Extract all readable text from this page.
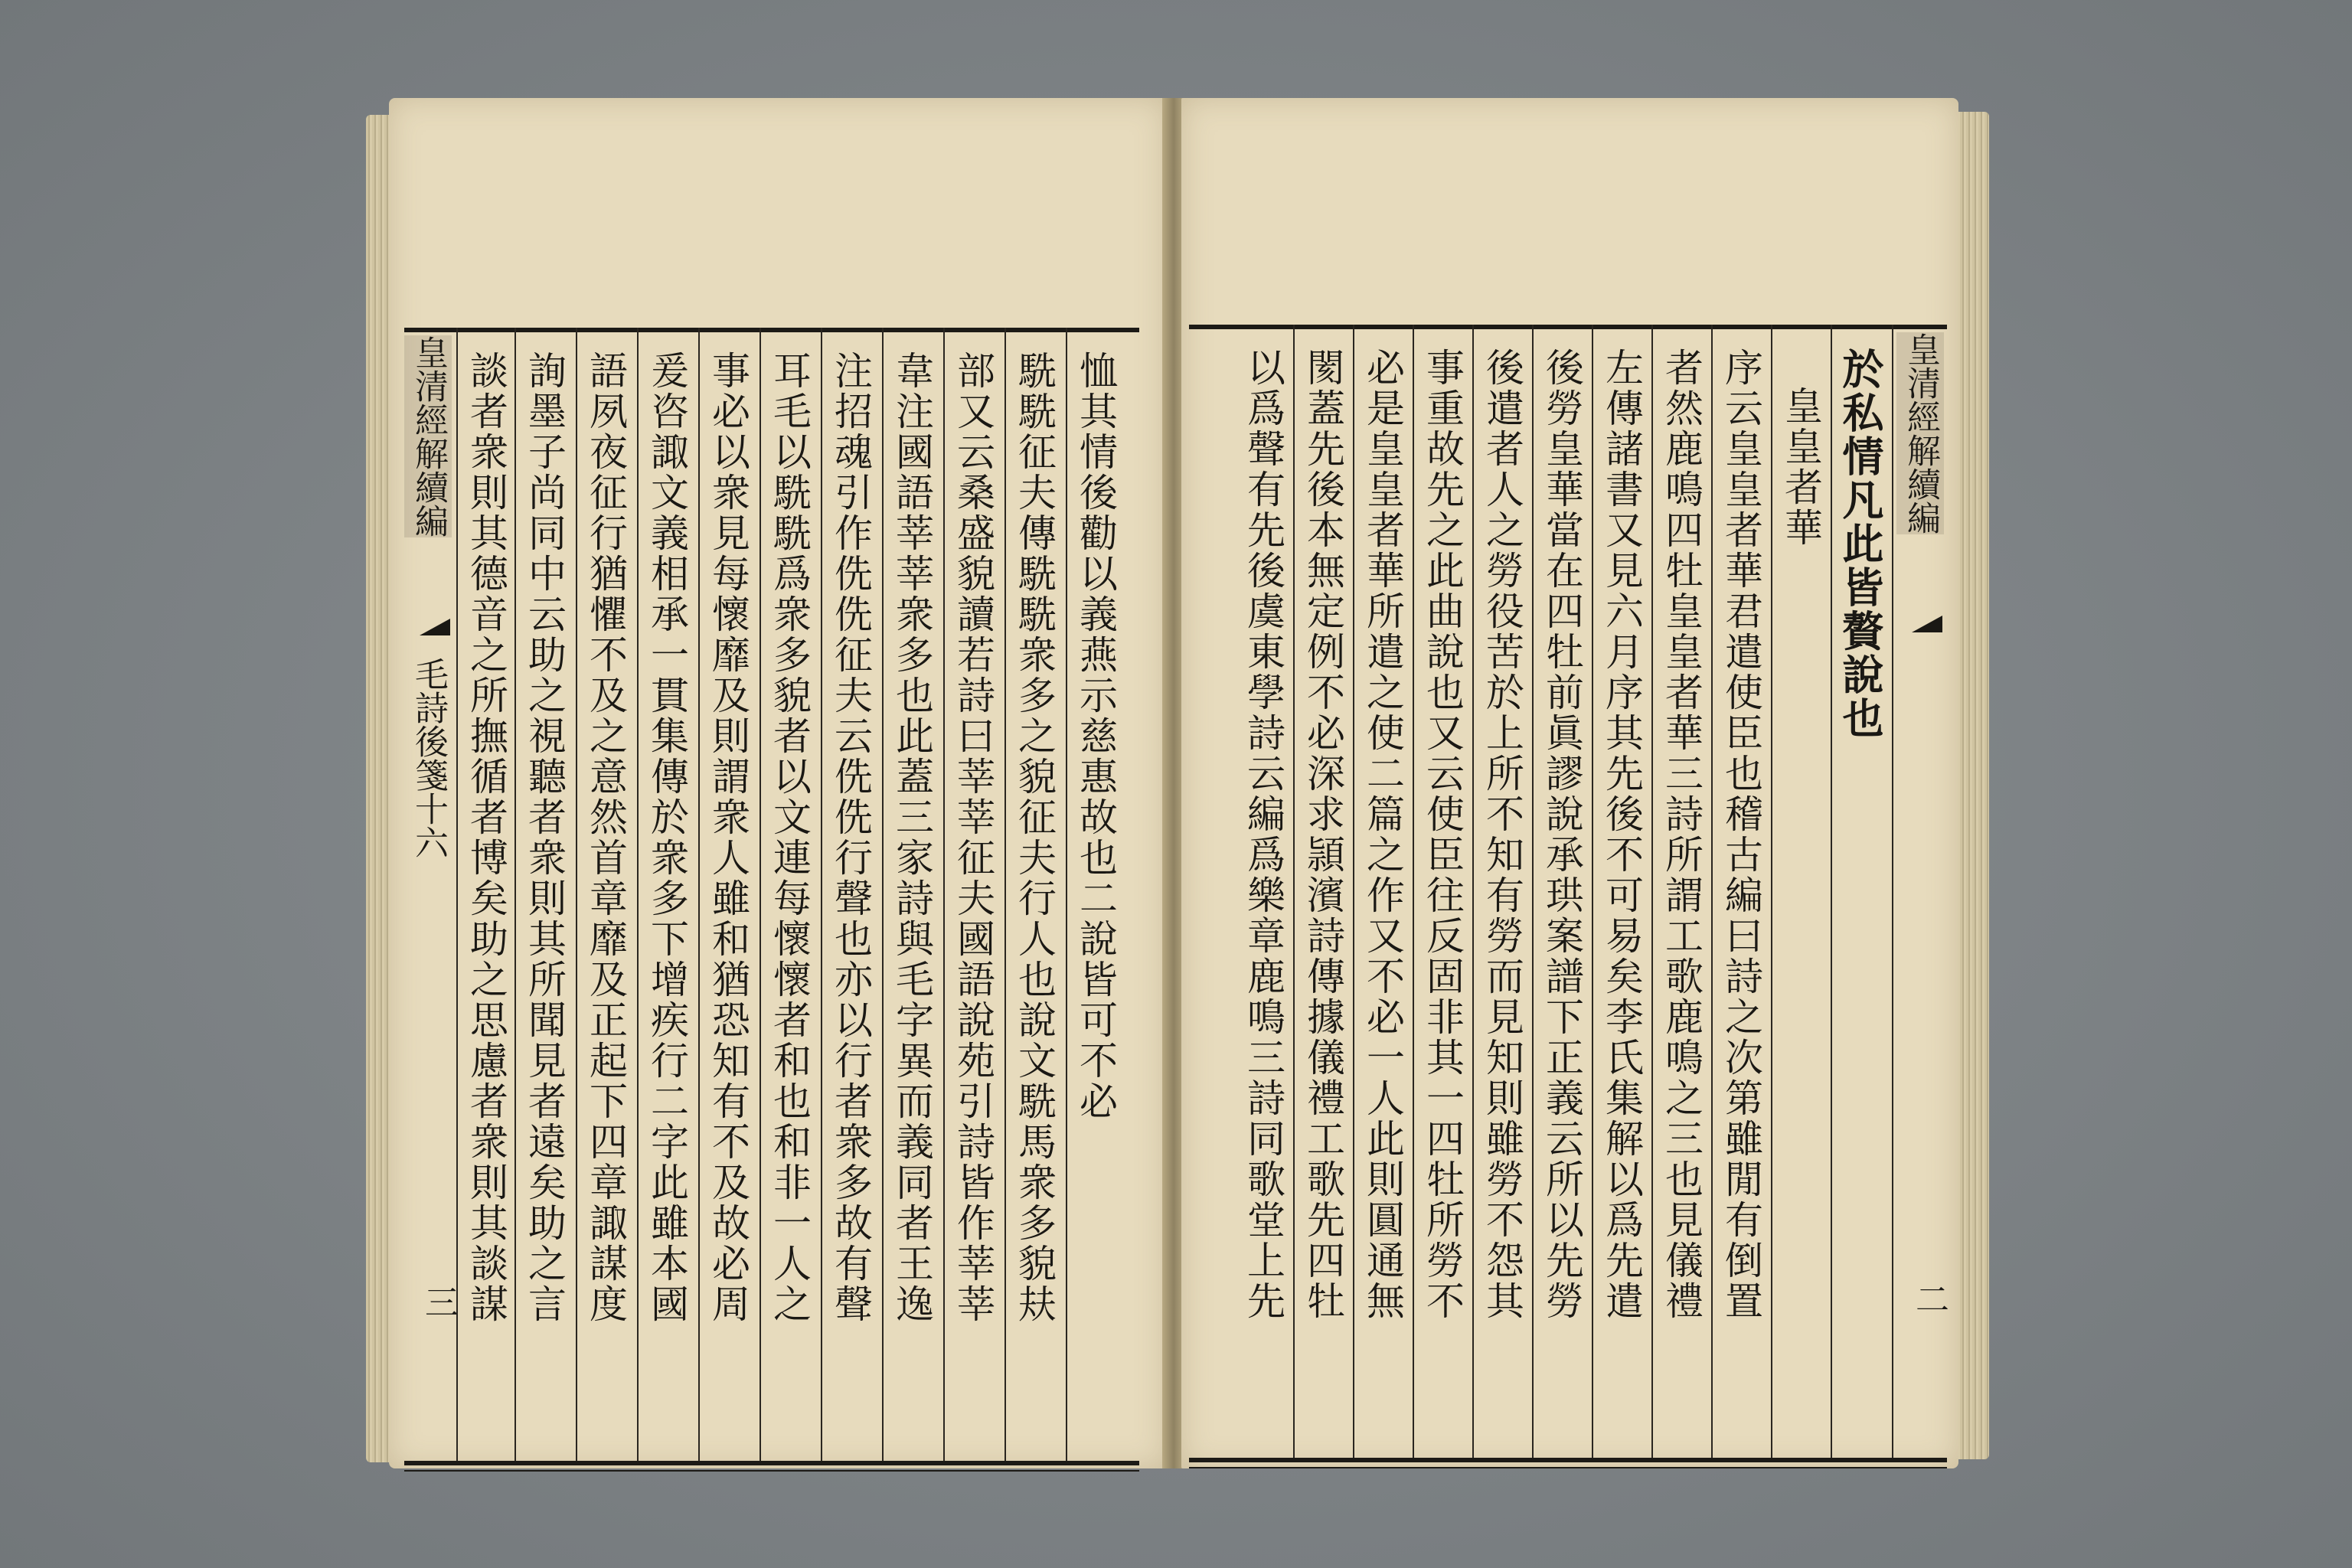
皇清經解續編
毛詩後箋十六
三
恤其情後勸以義燕示慈惠故也二說皆可不必
駪駪征夫傳駪駪衆多之貌征夫行人也說文駪馬衆多貌㚘
部又云桑盛貌讀若詩曰莘莘征夫國語說苑引詩皆作莘莘
韋注國語莘莘衆多也此蓋三家詩與毛字異而義同者王逸
注招魂引作侁侁征夫云侁侁行聲也亦以行者衆多故有聲
耳毛以駪駪爲衆多貌者以文連每懷懷者和也和非一人之
事必以衆見每懷靡及則謂衆人雖和猶恐知有不及故必周
爰咨諏文義相承一貫集傳於衆多下增疾行二字此雖本國
語夙夜征行猶懼不及之意然首章靡及正起下四章諏謀度
詢墨子尚同中云助之視聽者衆則其所聞見者遠矣助之言
談者衆則其德音之所撫循者博矣助之思慮者衆則其談謀	皇清經解續編
二
於私情凡此皆贅說也
皇皇者華
序云皇皇者華君遣使臣也稽古編曰詩之次第雖閒有倒置
者然鹿鳴四牡皇皇者華三詩所謂工歌鹿鳴之三也見儀禮
左傳諸書又見六月序其先後不可易矣李氏集解以爲先遣
後勞皇華當在四牡前眞謬說承珙案譜下正義云所以先勞
後遣者人之勞役苦於上所不知有勞而見知則雖勞不怨其
事重故先之此曲說也又云使臣往反固非其一四牡所勞不
必是皇皇者華所遣之使二篇之作又不必一人此則圓通無
閡蓋先後本無定例不必深求頴濱詩傳據儀禮工歌先四牡
以爲聲有先後虞東學詩云編爲樂章鹿鳴三詩同歌堂上先
